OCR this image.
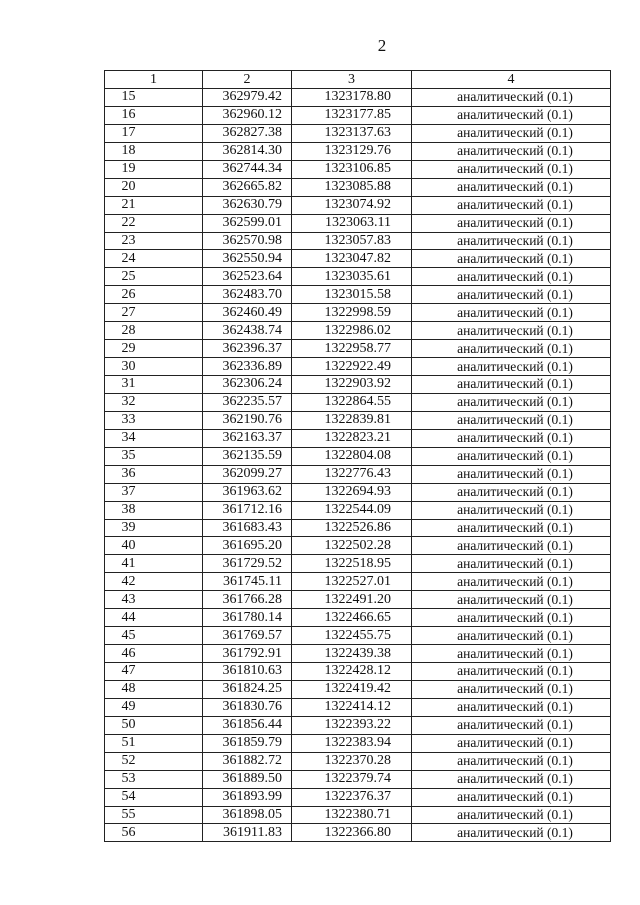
2
1	2	3	4
15	362979.42	1323178.80	аналитический (0.1)
16	362960.12	1323177.85	аналитический (0.1)
17	362827.38	1323137.63	аналитический (0.1)
18	362814.30	1323129.76	аналитический (0.1)
19	362744.34	1323106.85	аналитический (0.1)
20	362665.82	1323085.88	аналитический (0.1)
21	362630.79	1323074.92	аналитический (0.1)
22	362599.01	1323063.11	аналитический (0.1)
23	362570.98	1323057.83	аналитический (0.1)
24	362550.94	1323047.82	аналитический (0.1)
25	362523.64	1323035.61	аналитический (0.1)
26	362483.70	1323015.58	аналитический (0.1)
27	362460.49	1322998.59	аналитический (0.1)
28	362438.74	1322986.02	аналитический (0.1)
29	362396.37	1322958.77	аналитический (0.1)
30	362336.89	1322922.49	аналитический (0.1)
31	362306.24	1322903.92	аналитический (0.1)
32	362235.57	1322864.55	аналитический (0.1)
33	362190.76	1322839.81	аналитический (0.1)
34	362163.37	1322823.21	аналитический (0.1)
35	362135.59	1322804.08	аналитический (0.1)
36	362099.27	1322776.43	аналитический (0.1)
37	361963.62	1322694.93	аналитический (0.1)
38	361712.16	1322544.09	аналитический (0.1)
39	361683.43	1322526.86	аналитический (0.1)
40	361695.20	1322502.28	аналитический (0.1)
41	361729.52	1322518.95	аналитический (0.1)
42	361745.11	1322527.01	аналитический (0.1)
43	361766.28	1322491.20	аналитический (0.1)
44	361780.14	1322466.65	аналитический (0.1)
45	361769.57	1322455.75	аналитический (0.1)
46	361792.91	1322439.38	аналитический (0.1)
47	361810.63	1322428.12	аналитический (0.1)
48	361824.25	1322419.42	аналитический (0.1)
49	361830.76	1322414.12	аналитический (0.1)
50	361856.44	1322393.22	аналитический (0.1)
51	361859.79	1322383.94	аналитический (0.1)
52	361882.72	1322370.28	аналитический (0.1)
53	361889.50	1322379.74	аналитический (0.1)
54	361893.99	1322376.37	аналитический (0.1)
55	361898.05	1322380.71	аналитический (0.1)
56	361911.83	1322366.80	аналитический (0.1)
